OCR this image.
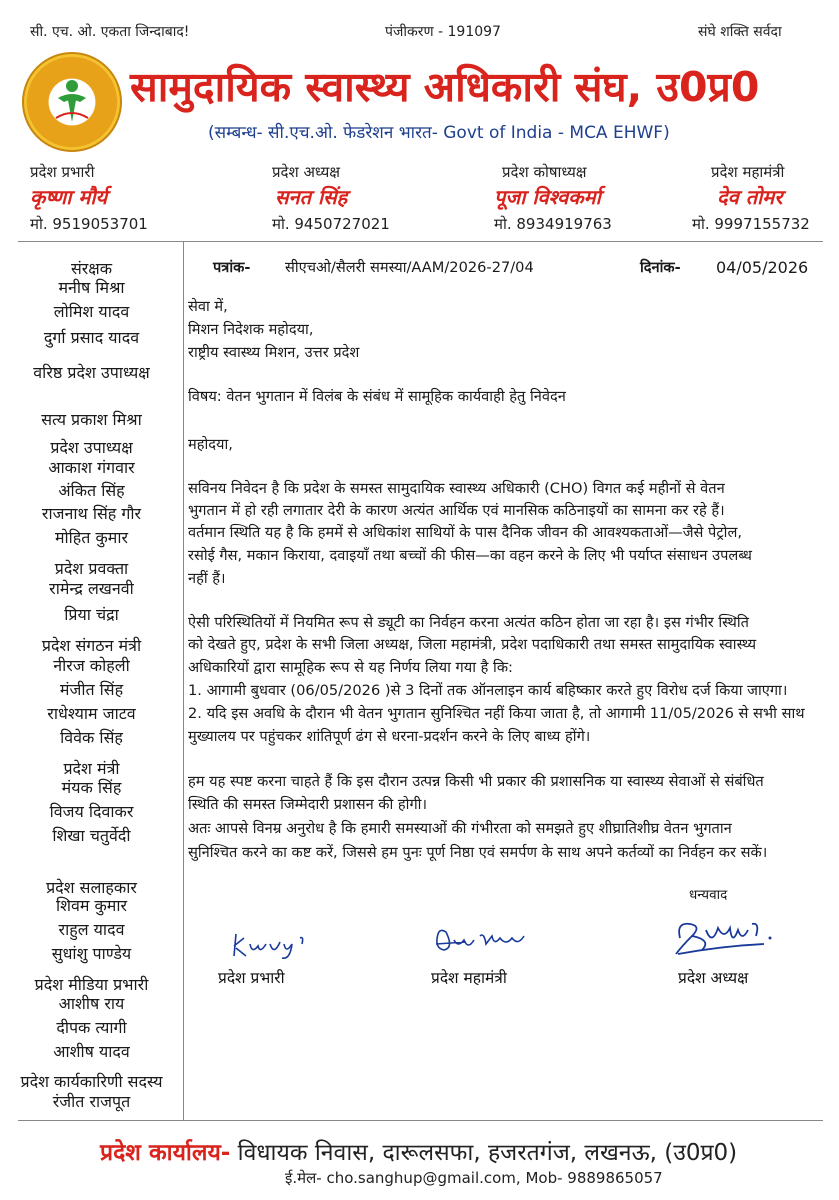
सी. एच. ओ. एकता जिन्दाबाद!	पंजीकरण - 191097	संघे शक्ति सर्वदा
सामुदायिक स्वास्थ्य अधिकारी संघ, उ0प्र0
(सम्बन्ध- सी.एच.ओ. फेडरेशन भारत- Govt of India - MCA EHWF)
प्रदेश प्रभारी
कृष्णा मौर्य
मो. 9519053701
प्रदेश अध्यक्ष
सनत सिंह
मो. 9450727021
प्रदेश कोषाध्यक्ष
पूजा विश्वकर्मा
मो. 8934919763
प्रदेश महामंत्री
देव तोमर
मो. 9997155732
संरक्षक
मनीष मिश्रा
लोमिश यादव
दुर्गा प्रसाद यादव
वरिष्ठ प्रदेश उपाध्यक्ष
सत्य प्रकाश मिश्रा
प्रदेश उपाध्यक्ष
आकाश गंगवार
अंकित सिंह
राजनाथ सिंह गौर
मोहित कुमार
प्रदेश प्रवक्ता
रामेन्द्र लखनवी
प्रिया चंद्रा
प्रदेश संगठन मंत्री
नीरज कोहली
मंजीत सिंह
राधेश्याम जाटव
विवेक सिंह
प्रदेश मंत्री
मंयक सिंह
विजय दिवाकर
शिखा चतुर्वेदी
प्रदेश सलाहकार
शिवम कुमार
राहुल यादव
सुधांशु पाण्डेय
प्रदेश मीडिया प्रभारी
आशीष राय
दीपक त्यागी
आशीष यादव
प्रदेश कार्यकारिणी सदस्य
रंजीत राजपूत
पत्रांक- सीएचओ/सैलरी समस्या/AAM/2026-27/04	दिनांक- 04/05/2026
सेवा में,
मिशन निदेशक महोदया,
राष्ट्रीय स्वास्थ्य मिशन, उत्तर प्रदेश
विषय: वेतन भुगतान में विलंब के संबंध में सामूहिक कार्यवाही हेतु निवेदन
महोदया,
सविनय निवेदन है कि प्रदेश के समस्त सामुदायिक स्वास्थ्य अधिकारी (CHO) विगत कई महीनों से वेतन
भुगतान में हो रही लगातार देरी के कारण अत्यंत आर्थिक एवं मानसिक कठिनाइयों का सामना कर रहे हैं।
वर्तमान स्थिति यह है कि हममें से अधिकांश साथियों के पास दैनिक जीवन की आवश्यकताओं—जैसे पेट्रोल,
रसोई गैस, मकान किराया, दवाइयाँ तथा बच्चों की फीस—का वहन करने के लिए भी पर्याप्त संसाधन उपलब्ध
नहीं हैं।
ऐसी परिस्थितियों में नियमित रूप से ड्यूटी का निर्वहन करना अत्यंत कठिन होता जा रहा है। इस गंभीर स्थिति
को देखते हुए, प्रदेश के सभी जिला अध्यक्ष, जिला महामंत्री, प्रदेश पदाधिकारी तथा समस्त सामुदायिक स्वास्थ्य
अधिकारियों द्वारा सामूहिक रूप से यह निर्णय लिया गया है कि:
1. आगामी बुधवार (06/05/2026 )से 3 दिनों तक ऑनलाइन कार्य बहिष्कार करते हुए विरोध दर्ज किया जाएगा।
2. यदि इस अवधि के दौरान भी वेतन भुगतान सुनिश्चित नहीं किया जाता है, तो आगामी 11/05/2026 से सभी साथ
मुख्यालय पर पहुंचकर शांतिपूर्ण ढंग से धरना-प्रदर्शन करने के लिए बाध्य होंगे।
हम यह स्पष्ट करना चाहते हैं कि इस दौरान उत्पन्न किसी भी प्रकार की प्रशासनिक या स्वास्थ्य सेवाओं से संबंधित
स्थिति की समस्त जिम्मेदारी प्रशासन की होगी।
अतः आपसे विनम्र अनुरोध है कि हमारी समस्याओं की गंभीरता को समझते हुए शीघ्रातिशीघ्र वेतन भुगतान
सुनिश्चित करने का कष्ट करें, जिससे हम पुनः पूर्ण निष्ठा एवं समर्पण के साथ अपने कर्तव्यों का निर्वहन कर सकें।
धन्यवाद
प्रदेश प्रभारी	प्रदेश महामंत्री	प्रदेश अध्यक्ष
प्रदेश कार्यालय- विधायक निवास, दारूलसफा, हजरतगंज, लखनऊ, (उ0प्र0)
ई.मेल- cho.sanghup@gmail.com, Mob- 9889865057
